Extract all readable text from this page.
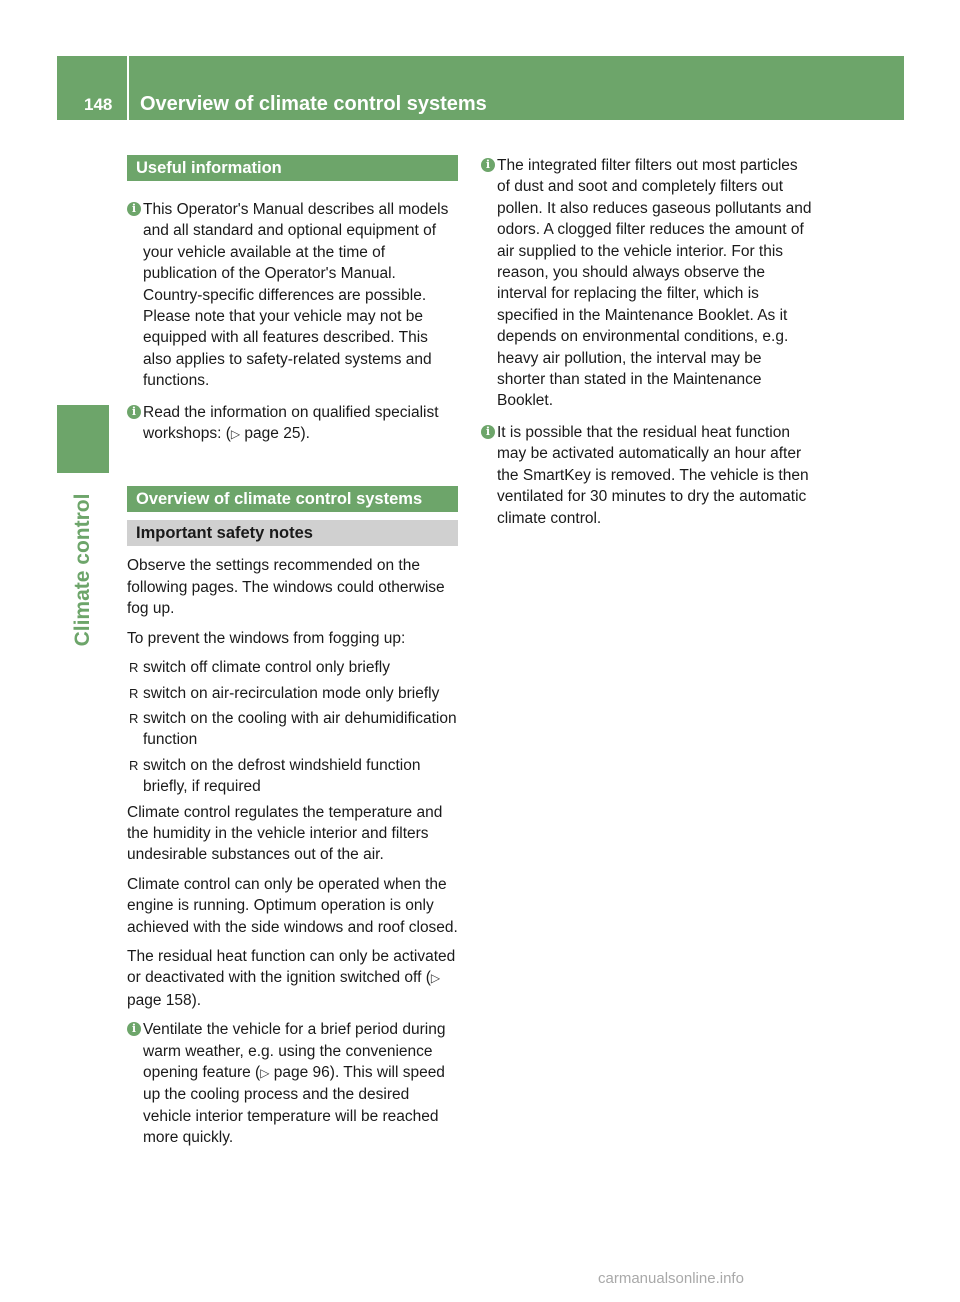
148	Overview of climate control systems
Climate control
Useful information

i This Operator's Manual describes all models and all standard and optional equipment of your vehicle available at the time of publication of the Operator's Manual. Country-specific differences are possible. Please note that your vehicle may not be equipped with all features described. This also applies to safety-related systems and functions.

i Read the information on qualified specialist workshops: (▷ page 25).

Overview of climate control systems
Important safety notes

Observe the settings recommended on the following pages. The windows could otherwise fog up.

To prevent the windows from fogging up:

R switch off climate control only briefly
R switch on air-recirculation mode only briefly
R switch on the cooling with air dehumidification function
R switch on the defrost windshield function briefly, if required

Climate control regulates the temperature and the humidity in the vehicle interior and filters undesirable substances out of the air.

Climate control can only be operated when the engine is running. Optimum operation is only achieved with the side windows and roof closed.

The residual heat function can only be activated or deactivated with the ignition switched off (▷ page 158).

i Ventilate the vehicle for a brief period during warm weather, e.g. using the convenience opening feature (▷ page 96). This will speed up the cooling process and the desired vehicle interior temperature will be reached more quickly.

i The integrated filter filters out most particles of dust and soot and completely filters out pollen. It also reduces gaseous pollutants and odors. A clogged filter reduces the amount of air supplied to the vehicle interior. For this reason, you should always observe the interval for replacing the filter, which is specified in the Maintenance Booklet. As it depends on environmental conditions, e.g. heavy air pollution, the interval may be shorter than stated in the Maintenance Booklet.

i It is possible that the residual heat function may be activated automatically an hour after the SmartKey is removed. The vehicle is then ventilated for 30 minutes to dry the automatic climate control.

carmanualsonline.info
